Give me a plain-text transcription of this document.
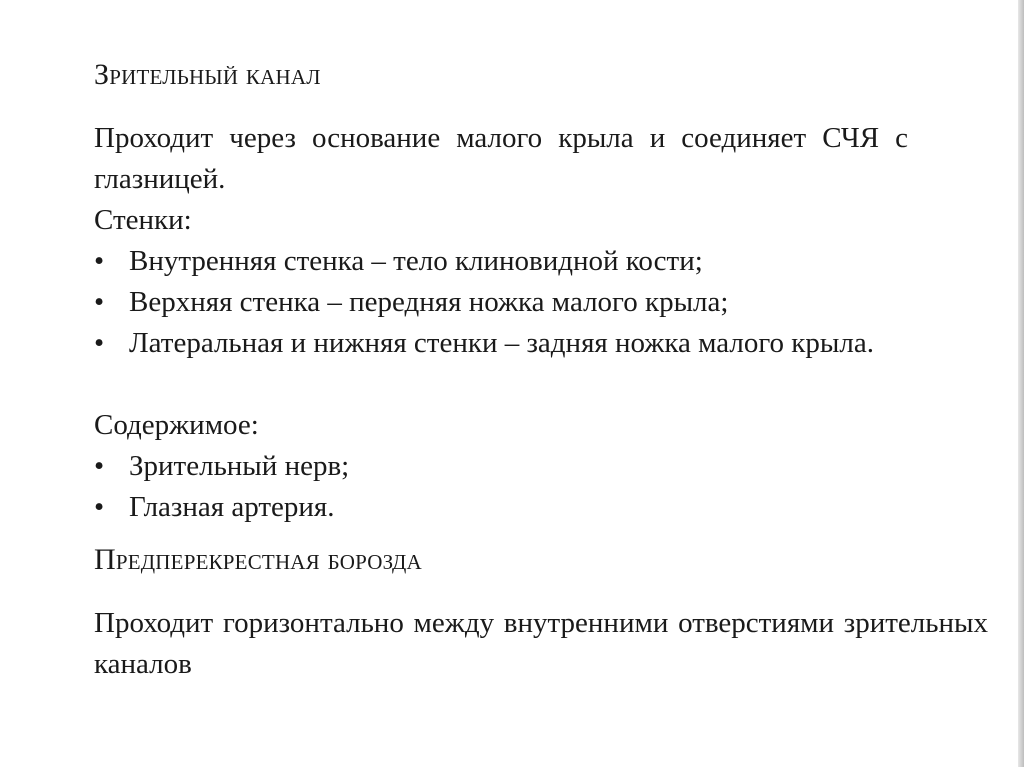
Зрительный канал

Проходит через основание малого крыла и соединяет СЧЯ с глазницей.

Стенки:

• Внутренняя стенка – тело клиновидной кости;
• Верхняя стенка – передняя ножка малого крыла;
• Латеральная и нижняя стенки – задняя ножка малого крыла.

Содержимое:

• Зрительный нерв;
• Глазная артерия.
Предперекрестная борозда

Проходит горизонтально между внутренними отверстиями зрительных каналов
